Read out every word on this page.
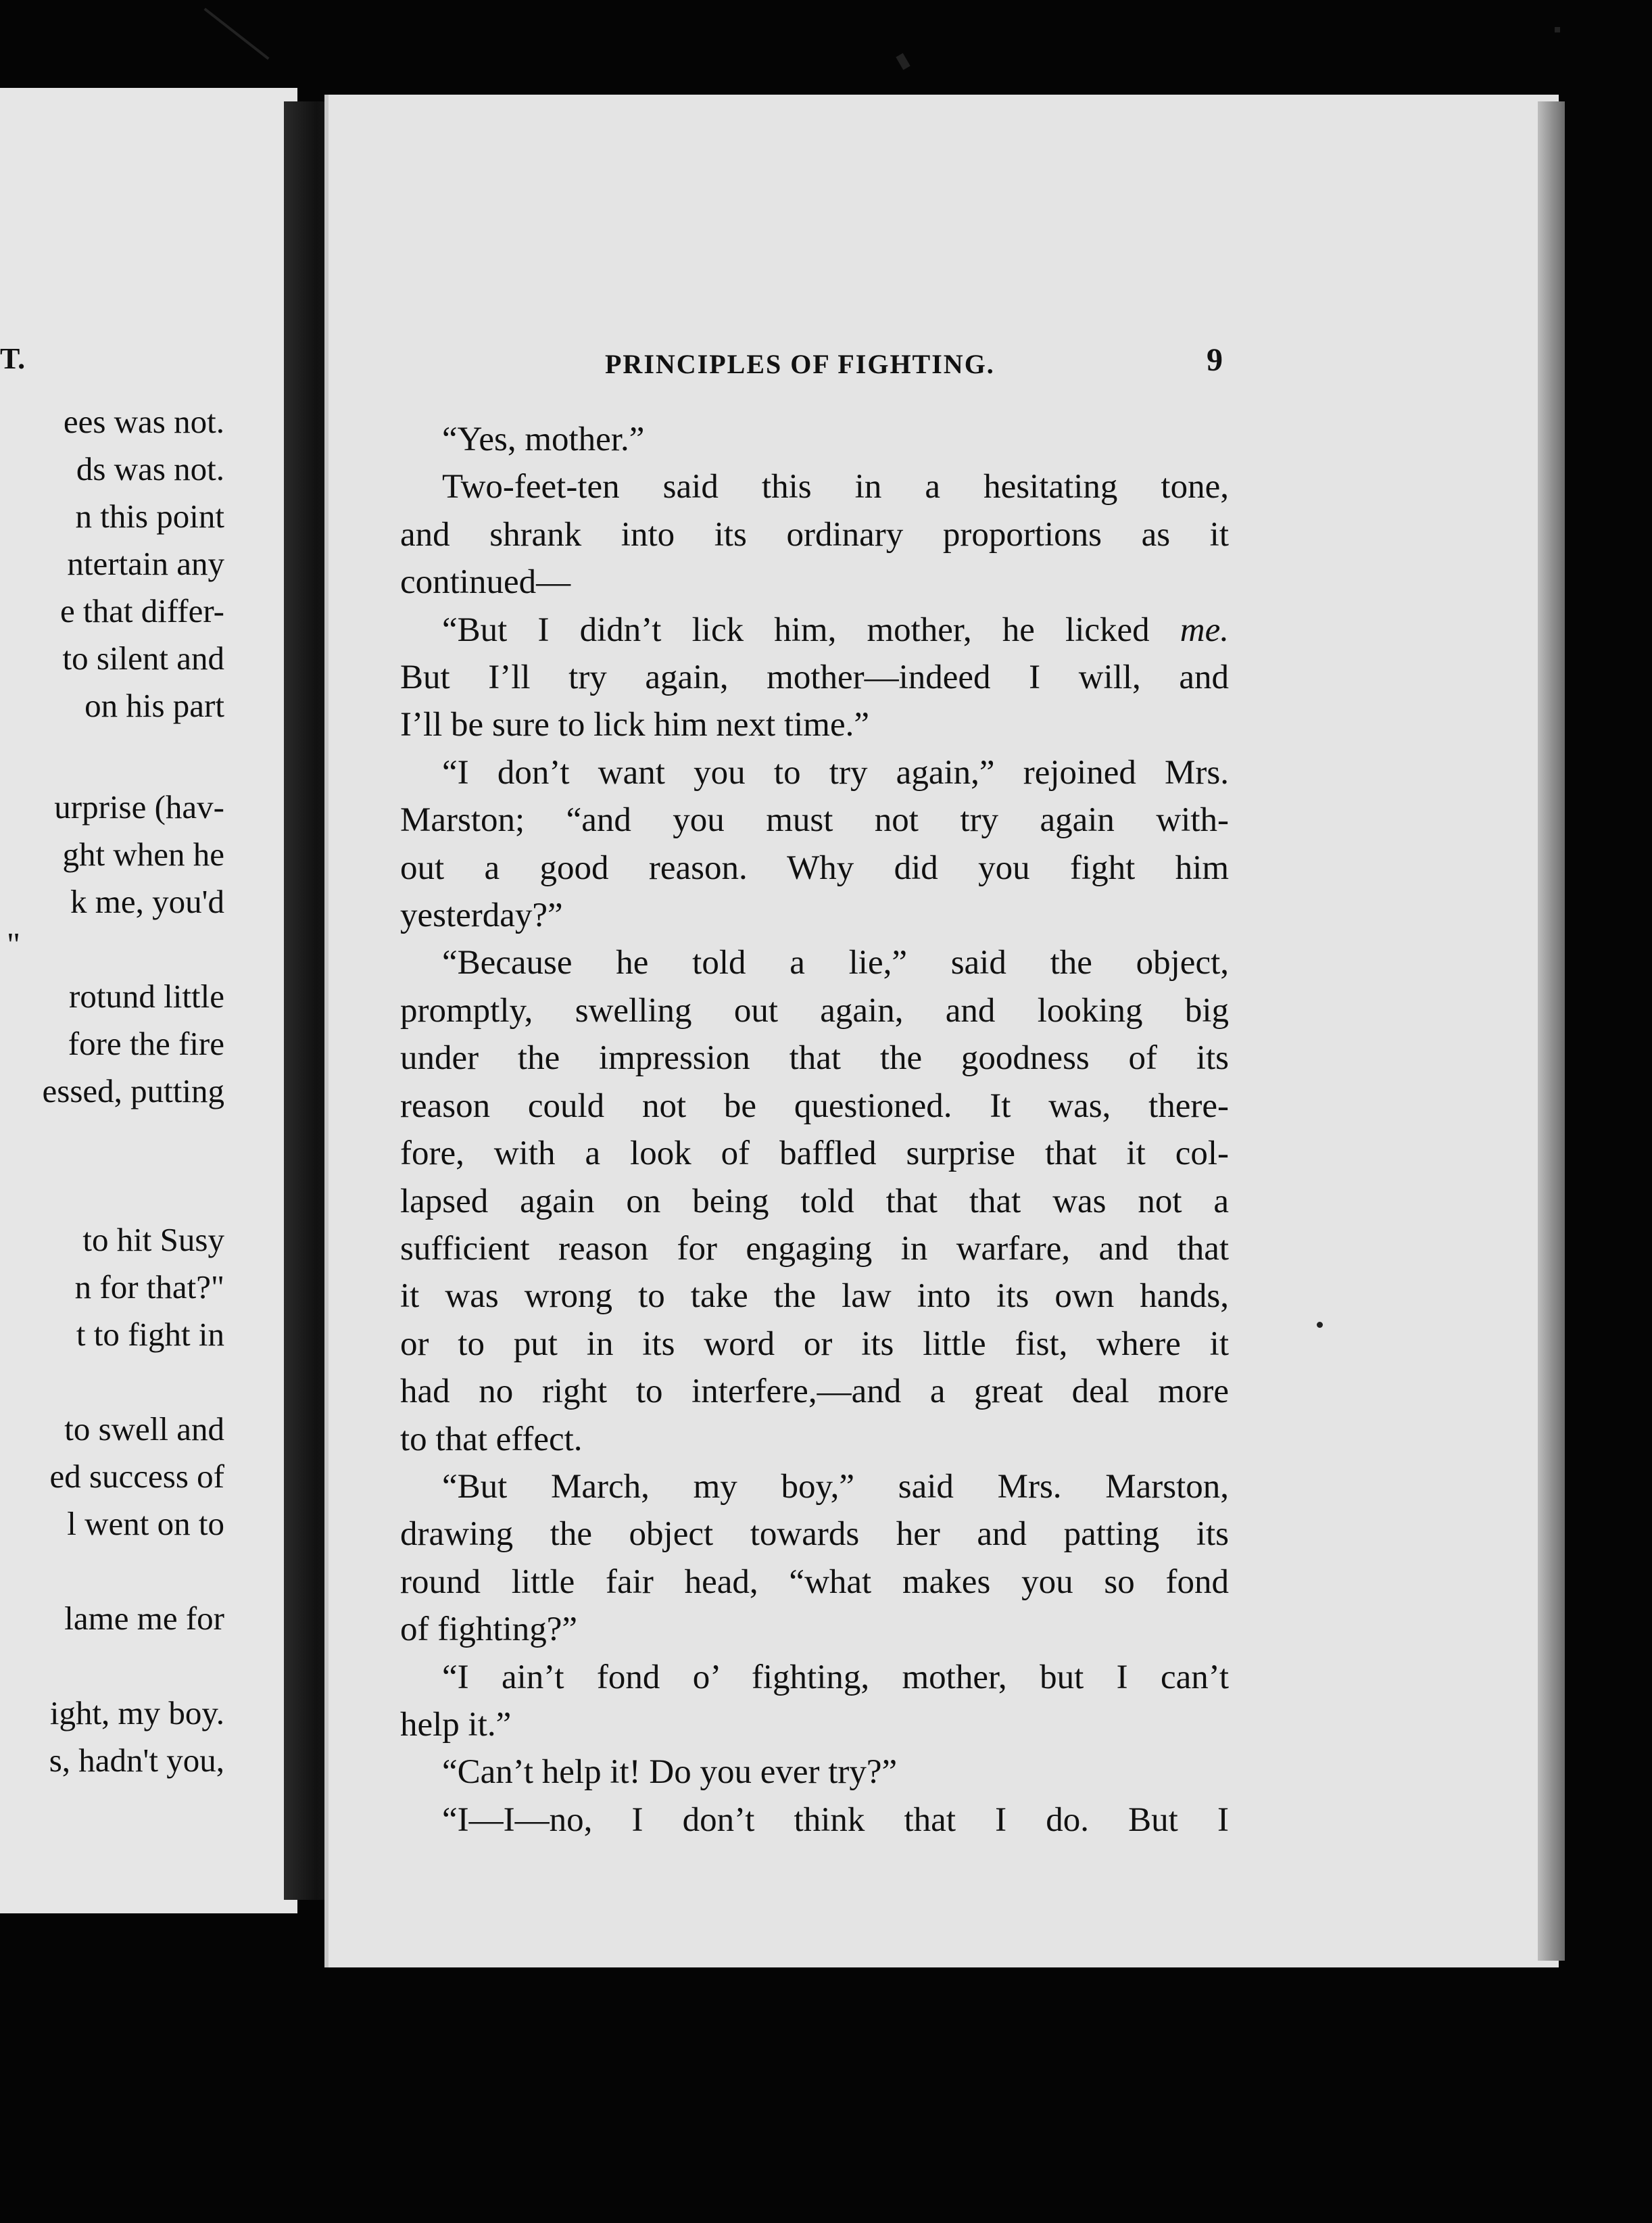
T.
ees was not.
ds was not.
n this point
ntertain any
e that differ-
to silent and
on his part
urprise (hav-
ght when he
k me, you'd
"
rotund little
fore the fire
essed, putting
to hit Susy
n for that?"
t to fight in
to swell and
ed success of
l went on to
lame me for
ight, my boy.
s, hadn't you,
PRINCIPLES OF FIGHTING.	9
“Yes, mother.”
Two-feet-ten said this in a hesitating tone,
and shrank into its ordinary proportions as it
continued—
“But I didn’t lick him, mother, he licked me.
But I’ll try again, mother—indeed I will, and
I’ll be sure to lick him next time.”
“I don’t want you to try again,” rejoined Mrs.
Marston; “and you must not try again with-
out a good reason. Why did you fight him
yesterday?”
“Because he told a lie,” said the object,
promptly, swelling out again, and looking big
under the impression that the goodness of its
reason could not be questioned. It was, there-
fore, with a look of baffled surprise that it col-
lapsed again on being told that that was not a
sufficient reason for engaging in warfare, and that
it was wrong to take the law into its own hands,
or to put in its word or its little fist, where it
had no right to interfere,—and a great deal more
to that effect.
“But March, my boy,” said Mrs. Marston,
drawing the object towards her and patting its
round little fair head, “what makes you so fond
of fighting?”
“I ain’t fond o’ fighting, mother, but I can’t
help it.”
“Can’t help it! Do you ever try?”
“I—I—no, I don’t think that I do. But I
